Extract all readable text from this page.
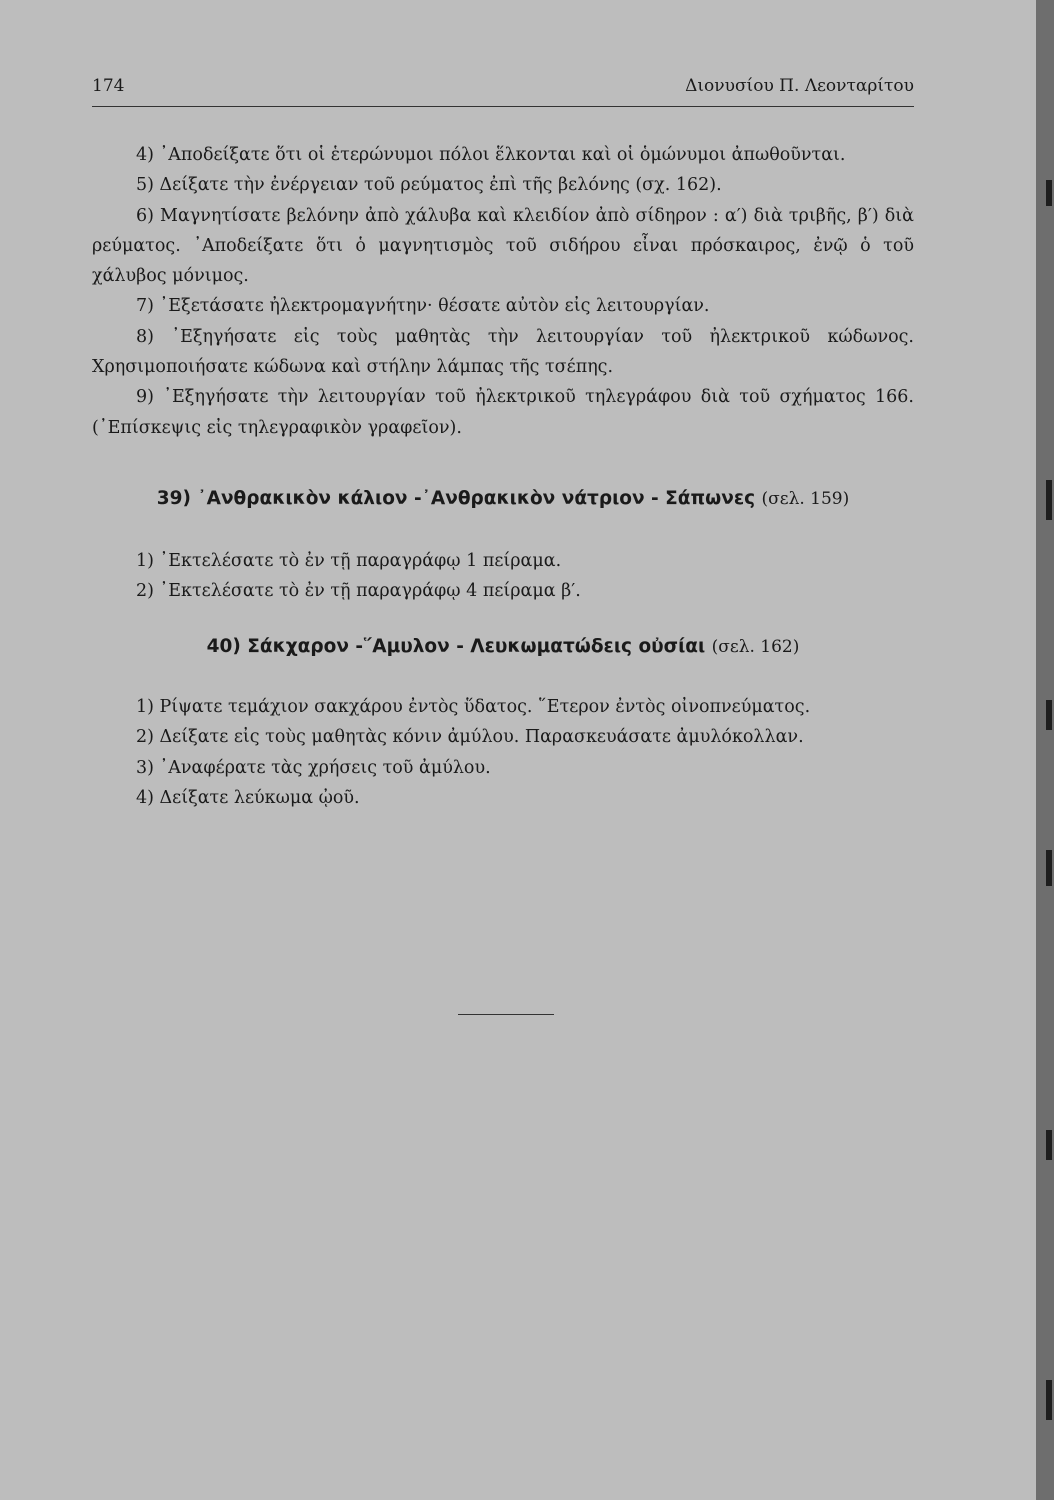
174	Διονυσίου Π. Λεονταρίτου

4) ᾽Αποδείξατε ὅτι οἱ ἑτερώνυμοι πόλοι ἕλκονται καὶ οἱ ὁμώνυμοι ἀπωθοῦνται.

5) Δείξατε τὴν ἐνέργειαν τοῦ ρεύματος ἐπὶ τῆς βελόνης (σχ. 162).

6) Μαγνητίσατε βελόνην ἀπὸ χάλυβα καὶ κλειδίον ἀπὸ σίδηρον : α′) διὰ τριβῆς, β′) διὰ ρεύματος. ᾽Αποδείξατε ὅτι ὁ μαγνητισμὸς τοῦ σιδήρου εἶναι πρόσκαιρος, ἐνῷ ὁ τοῦ χάλυβος μόνιμος.

7) ᾽Εξετάσατε ἠλεκτρομαγνήτην· θέσατε αὐτὸν εἰς λειτουργίαν.

8) ᾽Εξηγήσατε εἰς τοὺς μαθητὰς τὴν λειτουργίαν τοῦ ἠλεκτρικοῦ κώδωνος. Χρησιμοποιήσατε κώδωνα καὶ στήλην λάμπας τῆς τσέπης.

9) ᾽Εξηγήσατε τὴν λειτουργίαν τοῦ ἠλεκτρικοῦ τηλεγράφου διὰ τοῦ σχήματος 166. (᾽Επίσκεψις εἰς τηλεγραφικὸν γραφεῖον).

39) ᾽Ανθρακικὸν κάλιον -᾽Ανθρακικὸν νάτριον - Σάπωνες (σελ. 159)

1) ᾽Εκτελέσατε τὸ ἐν τῇ παραγράφῳ 1 πείραμα.

2) ᾽Εκτελέσατε τὸ ἐν τῇ παραγράφῳ 4 πείραμα β′.

40) Σάκχαρον -῞Αμυλον - Λευκωματώδεις οὐσίαι (σελ. 162)

1) Ρίψατε τεμάχιον σακχάρου ἐντὸς ὕδατος. ῞Ετερον ἐντὸς οἰνοπνεύματος.

2) Δείξατε εἰς τοὺς μαθητὰς κόνιν ἀμύλου. Παρασκευάσατε ἀμυλόκολλαν.

3) ᾽Αναφέρατε τὰς χρήσεις τοῦ ἀμύλου.

4) Δείξατε λεύκωμα ᾠοῦ.
